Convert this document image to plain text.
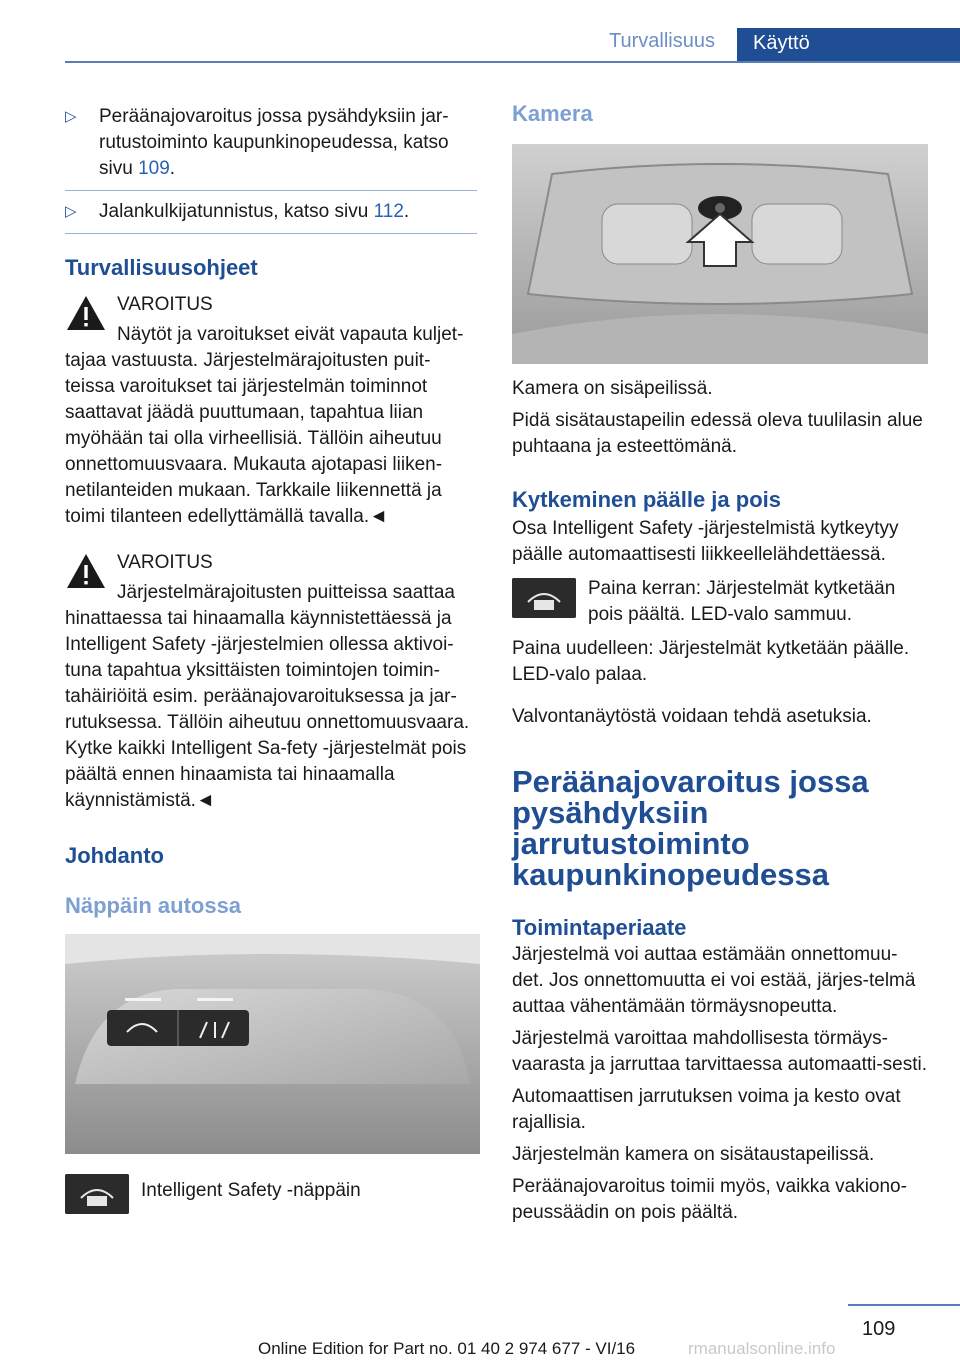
Turvallisuus	Käyttö
▷ Peräänajovaroitus jossa pysähdyksiin jar-rutustoiminto kaupunkinopeudessa, katso sivu 109.
▷ Jalankulkijatunnistus, katso sivu 112.
Turvallisuusohjeet

VAROITUS

Näytöt ja varoitukset eivät vapauta kuljet-

tajaa vastuusta. Järjestelmärajoitusten puit-teissa varoitukset tai järjestelmän toiminnot saattavat jäädä puuttumaan, tapahtua liian myöhään tai olla virheellisiä. Tällöin aiheutuu onnettomuusvaara. Mukauta ajotapasi liiken-netilanteiden mukaan. Tarkkaile liikennettä ja toimi tilanteen edellyttämällä tavalla.◄

VAROITUS

Järjestelmärajoitusten puitteissa saattaa

hinattaessa tai hinaamalla käynnistettäessä ja Intelligent Safety -järjestelmien ollessa aktivoi-tuna tapahtua yksittäisten toimintojen toimin-tahäiriöitä esim. peräänajovaroituksessa ja jar-rutuksessa. Tällöin aiheutuu onnettomuusvaara. Kytke kaikki Intelligent Sa-fety -järjestelmät pois päältä ennen hinaamista tai hinaamalla käynnistämistä.◄

Johdanto
Näppäin autossa

Intelligent Safety -näppäin

Kamera

Kamera on sisäpeilissä.

Pidä sisätaustapeilin edessä oleva tuulilasin alue puhtaana ja esteettömänä.

Kytkeminen päälle ja pois

Osa Intelligent Safety -järjestelmistä kytkeytyy päälle automaattisesti liikkeellelähdettäessä.

Paina kerran: Järjestelmät kytketään pois päältä. LED-valo sammuu.

Paina uudelleen: Järjestelmät kytketään päälle. LED-valo palaa.

Valvontanäytöstä voidaan tehdä asetuksia.

Peräänajovaroitus jossa pysähdyksiin jarrutustoiminto kaupunkinopeudessa
Toimintaperiaate

Järjestelmä voi auttaa estämään onnettomuu-det. Jos onnettomuutta ei voi estää, järjes-telmä auttaa vähentämään törmäysnopeutta.

Järjestelmä varoittaa mahdollisesta törmäys-vaarasta ja jarruttaa tarvittaessa automaatti-sesti.

Automaattisen jarrutuksen voima ja kesto ovat rajallisia.

Järjestelmän kamera on sisätaustapeilissä.

Peräänajovaroitus toimii myös, vaikka vakiono-peussäädin on pois päältä.

109
Online Edition for Part no. 01 40 2 974 677 - VI/16	rmanualsonline.info
